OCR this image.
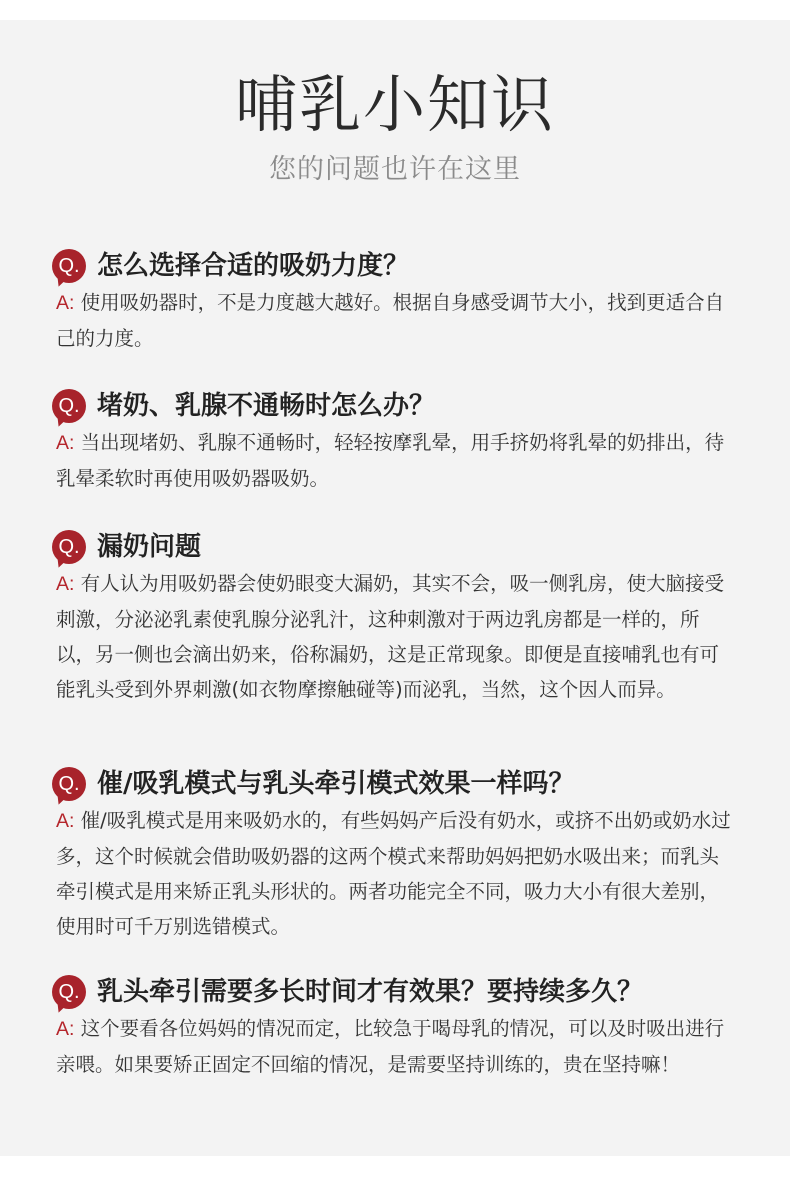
哺乳小知识
您的问题也许在这里
Q. 怎么选择合适的吸奶力度？
A: 使用吸奶器时，不是力度越大越好。根据自身感受调节大小，找到更适合自己的力度。
Q. 堵奶、乳腺不通畅时怎么办？
A: 当出现堵奶、乳腺不通畅时，轻轻按摩乳晕，用手挤奶将乳晕的奶排出，待乳晕柔软时再使用吸奶器吸奶。
Q. 漏奶问题
A: 有人认为用吸奶器会使奶眼变大漏奶，其实不会，吸一侧乳房，使大脑接受刺激，分泌泌乳素使乳腺分泌乳汁，这种刺激对于两边乳房都是一样的，所以，另一侧也会滴出奶来，俗称漏奶，这是正常现象。即便是直接哺乳也有可能乳头受到外界刺激(如衣物摩擦触碰等)而泌乳，当然，这个因人而异。
Q. 催/吸乳模式与乳头牵引模式效果一样吗？
A: 催/吸乳模式是用来吸奶水的，有些妈妈产后没有奶水，或挤不出奶或奶水过多，这个时候就会借助吸奶器的这两个模式来帮助妈妈把奶水吸出来；而乳头牵引模式是用来矫正乳头形状的。两者功能完全不同，吸力大小有很大差别，使用时可千万别选错模式。
Q. 乳头牵引需要多长时间才有效果？要持续多久？
A: 这个要看各位妈妈的情况而定，比较急于喝母乳的情况，可以及时吸出进行亲喂。如果要矫正固定不回缩的情况，是需要坚持训练的，贵在坚持嘛！
